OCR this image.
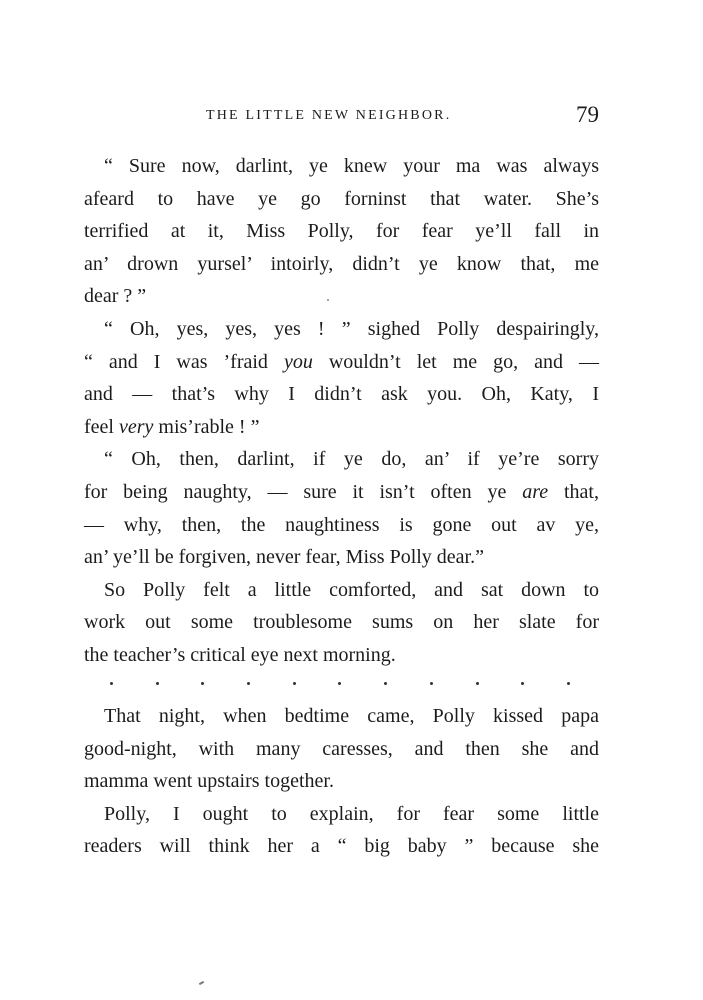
THE LITTLE NEW NEIGHBOR.	79

“ Sure now, darlint, ye knew your ma was always
afeard to have ye go forninst that water. She’s
terrified at it, Miss Polly, for fear ye’ll fall in
an’ drown yursel’ intoirly, didn’t ye know that, me
dear ? ”

“ Oh, yes, yes, yes ! ” sighed Polly despairingly,
“ and I was ’fraid you wouldn’t let me go, and —
and — that’s why I didn’t ask you. Oh, Katy, I
feel very mis’rable ! ”

“ Oh, then, darlint, if ye do, an’ if ye’re sorry
for being naughty, — sure it isn’t often ye are that,
— why, then, the naughtiness is gone out av ye,
an’ ye’ll be forgiven, never fear, Miss Polly dear.”

So Polly felt a little comforted, and sat down to
work out some troublesome sums on her slate for
the teacher’s critical eye next morning.

That night, when bedtime came, Polly kissed papa
good-night, with many caresses, and then she and
mamma went upstairs together.

Polly, I ought to explain, for fear some little
readers will think her a “ big baby ” because she
